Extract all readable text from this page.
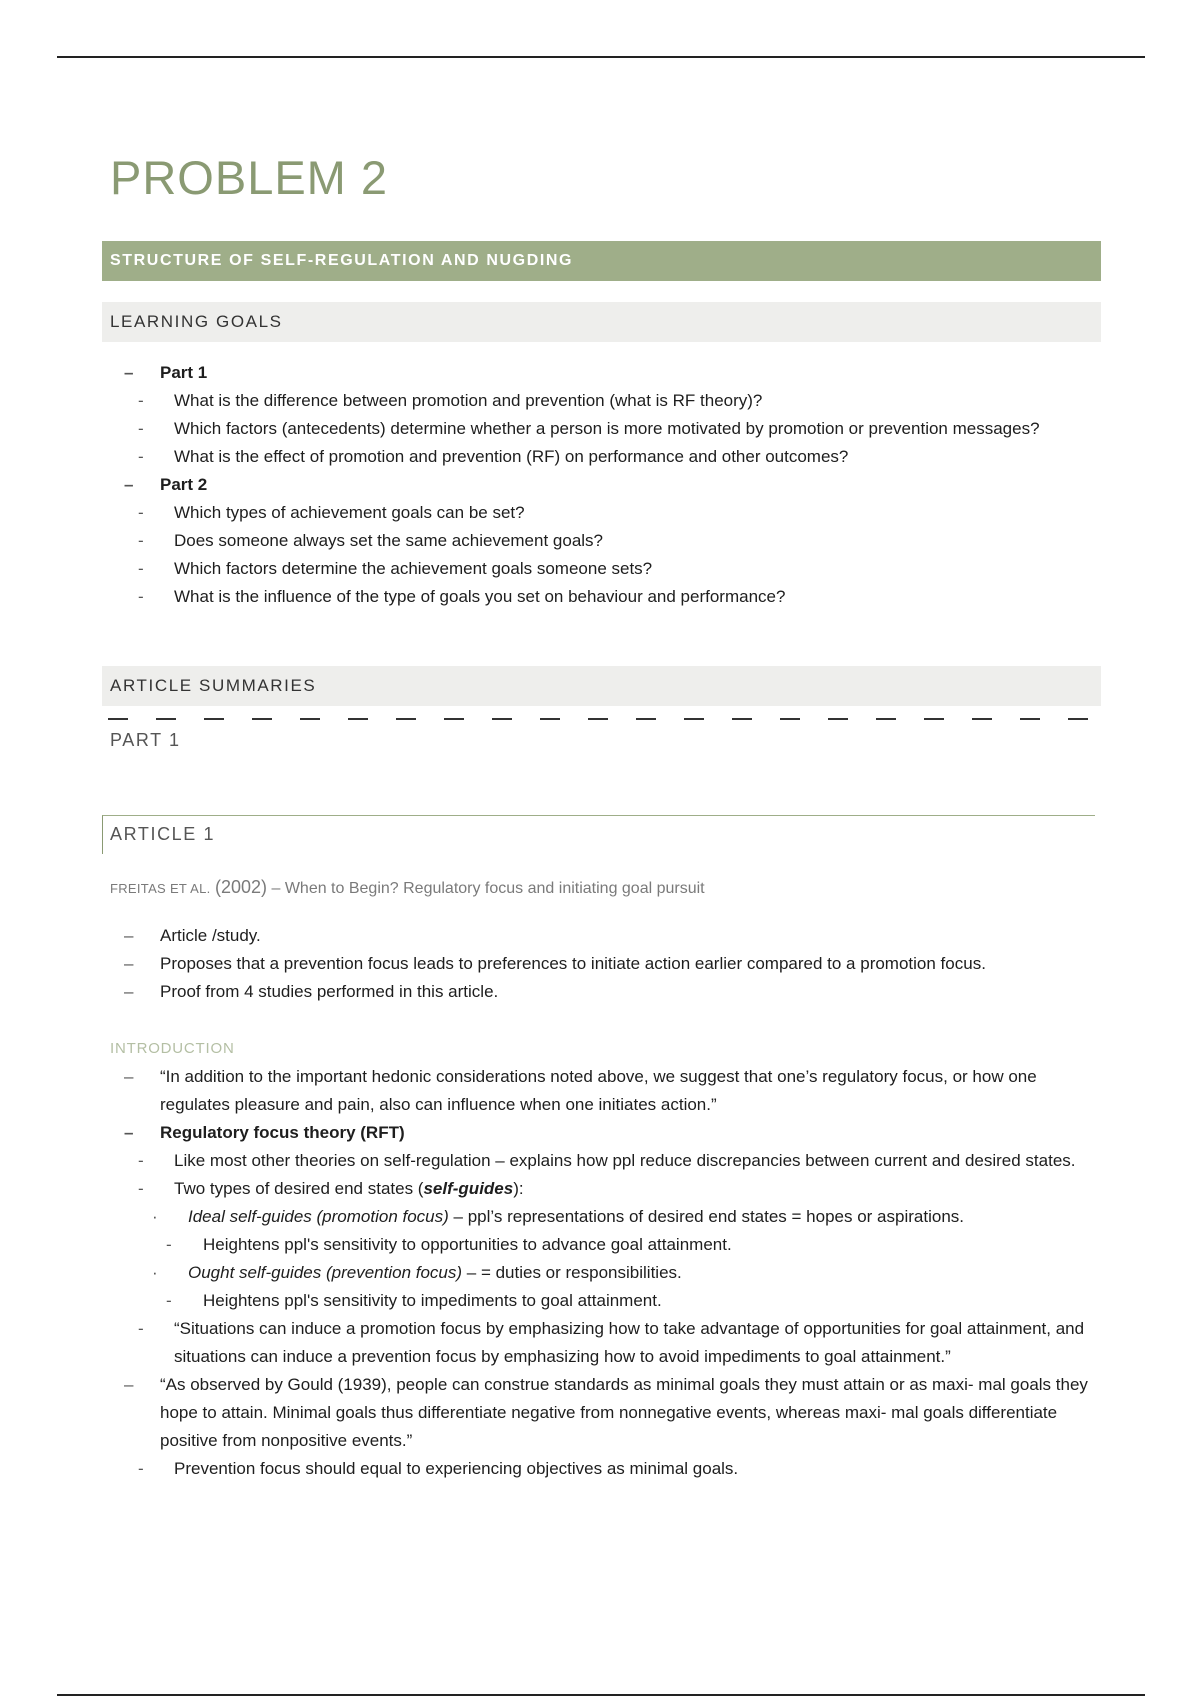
PROBLEM 2
STRUCTURE OF SELF-REGULATION AND NUGDING
LEARNING GOALS
– Part 1
- What is the difference between promotion and prevention (what is RF theory)?
- Which factors (antecedents) determine whether a person is more motivated by promotion or prevention messages?
- What is the effect of promotion and prevention (RF) on performance and other outcomes?
– Part 2
- Which types of achievement goals can be set?
- Does someone always set the same achievement goals?
- Which factors determine the achievement goals someone sets?
- What is the influence of the type of goals you set on behaviour and performance?
ARTICLE SUMMARIES
PART 1
ARTICLE 1
FREITAS ET AL. (2002) – When to Begin? Regulatory focus and initiating goal pursuit
– Article /study.
– Proposes that a prevention focus leads to preferences to initiate action earlier compared to a promotion focus.
– Proof from 4 studies performed in this article.
INTRODUCTION
– “In addition to the important hedonic considerations noted above, we suggest that one’s regulatory focus, or how one regulates pleasure and pain, also can influence when one initiates action.”
– Regulatory focus theory (RFT)
- Like most other theories on self-regulation – explains how ppl reduce discrepancies between current and desired states.
- Two types of desired end states (self-guides):
· Ideal self-guides (promotion focus) – ppl’s representations of desired end states = hopes or aspirations.
- Heightens ppl's sensitivity to opportunities to advance goal attainment.
· Ought self-guides (prevention focus) – = duties or responsibilities.
- Heightens ppl's sensitivity to impediments to goal attainment.
- “Situations can induce a promotion focus by emphasizing how to take advantage of opportunities for goal attainment, and situations can induce a prevention focus by emphasizing how to avoid impediments to goal attainment.”
– “As observed by Gould (1939), people can construe standards as minimal goals they must attain or as maxi- mal goals they hope to attain. Minimal goals thus differentiate negative from nonnegative events, whereas maxi- mal goals differentiate positive from nonpositive events.”
- Prevention focus should equal to experiencing objectives as minimal goals.
